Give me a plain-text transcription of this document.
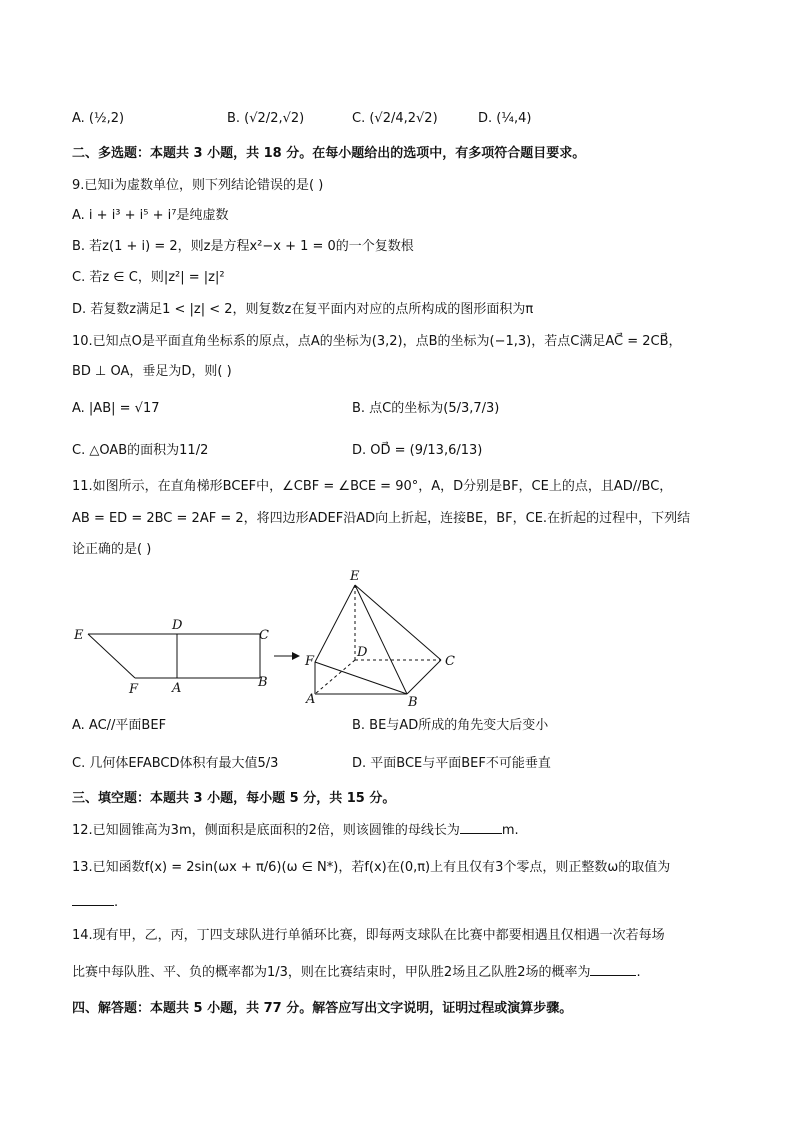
A. (½,2)	B. (√2/2,√2)	C. (√2/4,2√2)	D. (¼,4)
二、多选题：本题共 3 小题，共 18 分。在每小题给出的选项中，有多项符合题目要求。
9.已知i为虚数单位，则下列结论错误的是( )
A. i + i³ + i⁵ + i⁷是纯虚数
B. 若z(1 + i) = 2，则z是方程x²−x + 1 = 0的一个复数根
C. 若z ∈ C，则|z²| = |z|²
D. 若复数z满足1 < |z| < 2，则复数z在复平面内对应的点所构成的图形面积为π
10.已知点O是平面直角坐标系的原点，点A的坐标为(3,2)，点B的坐标为(−1,3)，若点C满足AC⃗ = 2CB⃗，
BD ⊥ OA，垂足为D，则( )
A. |AB| = √17	B. 点C的坐标为(5/3,7/3)
C. △OAB的面积为11/2	D. OD⃗ = (9/13,6/13)
11.如图所示，在直角梯形BCEF中，∠CBF = ∠BCE = 90°，A，D分别是BF，CE上的点，且AD//BC，
AB = ED = 2BC = 2AF = 2，将四边形ADEF沿AD向上折起，连接BE，BF，CE.在折起的过程中，下列结
论正确的是( )
E
D
C
F	A	B
E
D
C
F
A	B
A. AC//平面BEF	B. BE与AD所成的角先变大后变小
C. 几何体EFABCD体积有最大值5/3	D. 平面BCE与平面BEF不可能垂直
三、填空题：本题共 3 小题，每小题 5 分，共 15 分。
12.已知圆锥高为3m，侧面积是底面积的2倍，则该圆锥的母线长为	m.
13.已知函数f(x) = 2sin(ωx + π/6)(ω ∈ N*)，若f(x)在(0,π)上有且仅有3个零点，则正整数ω的取值为
.
14.现有甲，乙，丙，丁四支球队进行单循环比赛，即每两支球队在比赛中都要相遇且仅相遇一次若每场
比赛中每队胜、平、负的概率都为1/3，则在比赛结束时，甲队胜2场且乙队胜2场的概率为	.
四、解答题：本题共 5 小题，共 77 分。解答应写出文字说明，证明过程或演算步骤。
